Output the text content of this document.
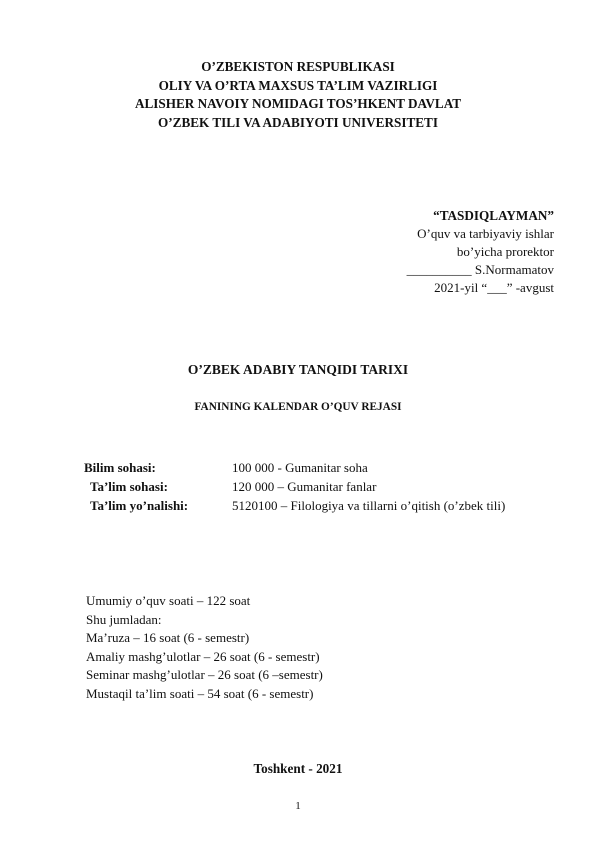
O’ZBEKISTON RESPUBLIKASI
OLIY VA O’RTA MAXSUS TA’LIM VAZIRLIGI
ALISHER NAVOIY NOMIDAGI TOS’HKENT DAVLAT
O’ZBEK TILI VA ADABIYOTI UNIVERSITETI
“TASDIQLAYMAN”
O’quv va tarbiyaviy ishlar
bo’yicha prorektor
__________ S.Normamatov
2021-yil “___” -avgust
O’ZBEK ADABIY TANQIDI TARIXI
FANINING KALENDAR O’QUV REJASI
Bilim sohasi:	100 000 - Gumanitar soha
Ta’lim sohasi:	120 000 – Gumanitar fanlar
Ta’lim yo’nalishi:	5120100 – Filologiya va tillarni o’qitish (o’zbek tili)
Umumiy o’quv soati – 122 soat
Shu jumladan:
Ma’ruza – 16 soat (6 - semestr)
Amaliy mashg’ulotlar – 26 soat (6 - semestr)
Seminar mashg’ulotlar – 26 soat (6 –semestr)
Mustaqil ta’lim soati – 54 soat (6 - semestr)
Toshkent - 2021
1
